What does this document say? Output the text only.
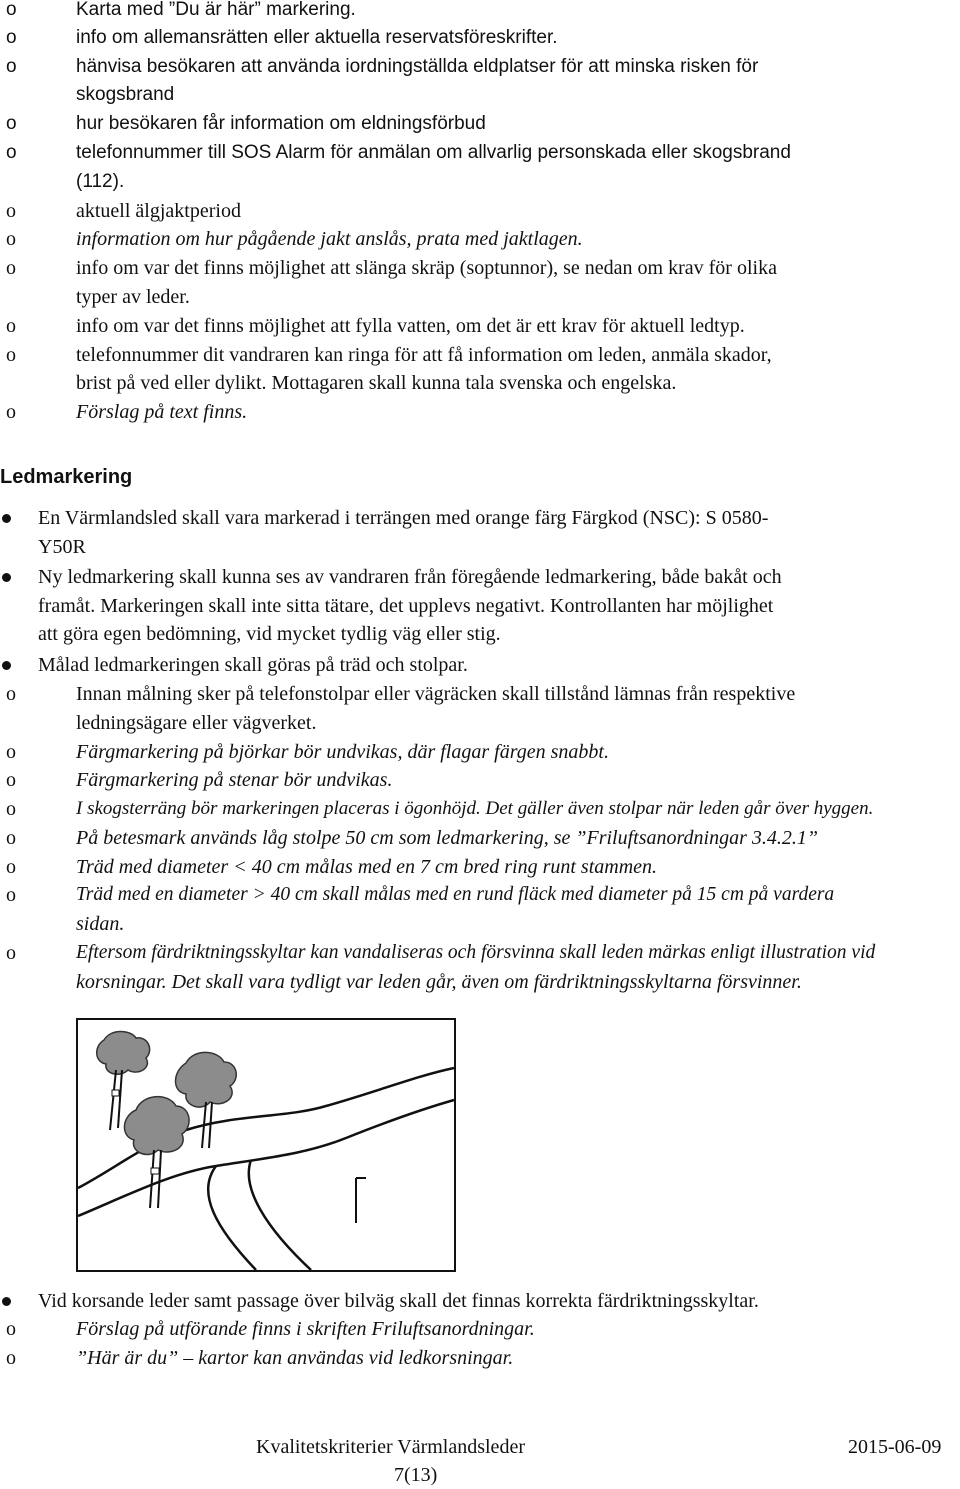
o	Karta med ”Du är här” markering.
o	info om allemansrätten eller aktuella reservatsföreskrifter.
o	hänvisa besökaren att använda iordningställda eldplatser för att minska risken för
skogsbrand
o	hur besökaren får information om eldningsförbud
o	telefonnummer till SOS Alarm för anmälan om allvarlig personskada eller skogsbrand
(112).
o	aktuell älgjaktperiod
o	information om hur pågående jakt anslås, prata med jaktlagen.
o	info om var det finns möjlighet att slänga skräp (soptunnor), se nedan om krav för olika
typer av leder.
o	info om var det finns möjlighet att fylla vatten, om det är ett krav för aktuell ledtyp.
o	telefonnummer dit vandraren kan ringa för att få information om leden, anmäla skador,
brist på ved eller dylikt. Mottagaren skall kunna tala svenska och engelska.
o	Förslag på text finns.
Ledmarkering
En Värmlandsled skall vara markerad i terrängen med orange färg Färgkod (NSC): S 0580-
Y50R
Ny ledmarkering skall kunna ses av vandraren från föregående ledmarkering, både bakåt och
framåt. Markeringen skall inte sitta tätare, det upplevs negativt. Kontrollanten har möjlighet
att göra egen bedömning, vid mycket tydlig väg eller stig.
Målad ledmarkeringen skall göras på träd och stolpar.
o	Innan målning sker på telefonstolpar eller vägräcken skall tillstånd lämnas från respektive
ledningsägare eller vägverket.
o	Färgmarkering på björkar bör undvikas, där flagar färgen snabbt.
o	Färgmarkering på stenar bör undvikas.
o	I skogsterräng bör markeringen placeras i ögonhöjd. Det gäller även stolpar när leden går över hyggen.
o	På betesmark används låg stolpe 50 cm som ledmarkering, se ”Friluftsanordningar 3.4.2.1”
o	Träd med diameter < 40 cm målas med en 7 cm bred ring runt stammen.
o	Träd med en diameter > 40 cm skall målas med en rund fläck med diameter på 15 cm på vardera
sidan.
o	Eftersom färdriktningsskyltar kan vandaliseras och försvinna skall leden märkas enligt illustration vid
korsningar. Det skall vara tydligt var leden går, även om färdriktningsskyltarna försvinner.
Vid korsande leder samt passage över bilväg skall det finnas korrekta färdriktningsskyltar.
o	Förslag på utförande finns i skriften Friluftsanordningar.
o	”Här är du” – kartor kan användas vid ledkorsningar.
Kvalitetskriterier Värmlandsleder	2015-06-09
7(13)
